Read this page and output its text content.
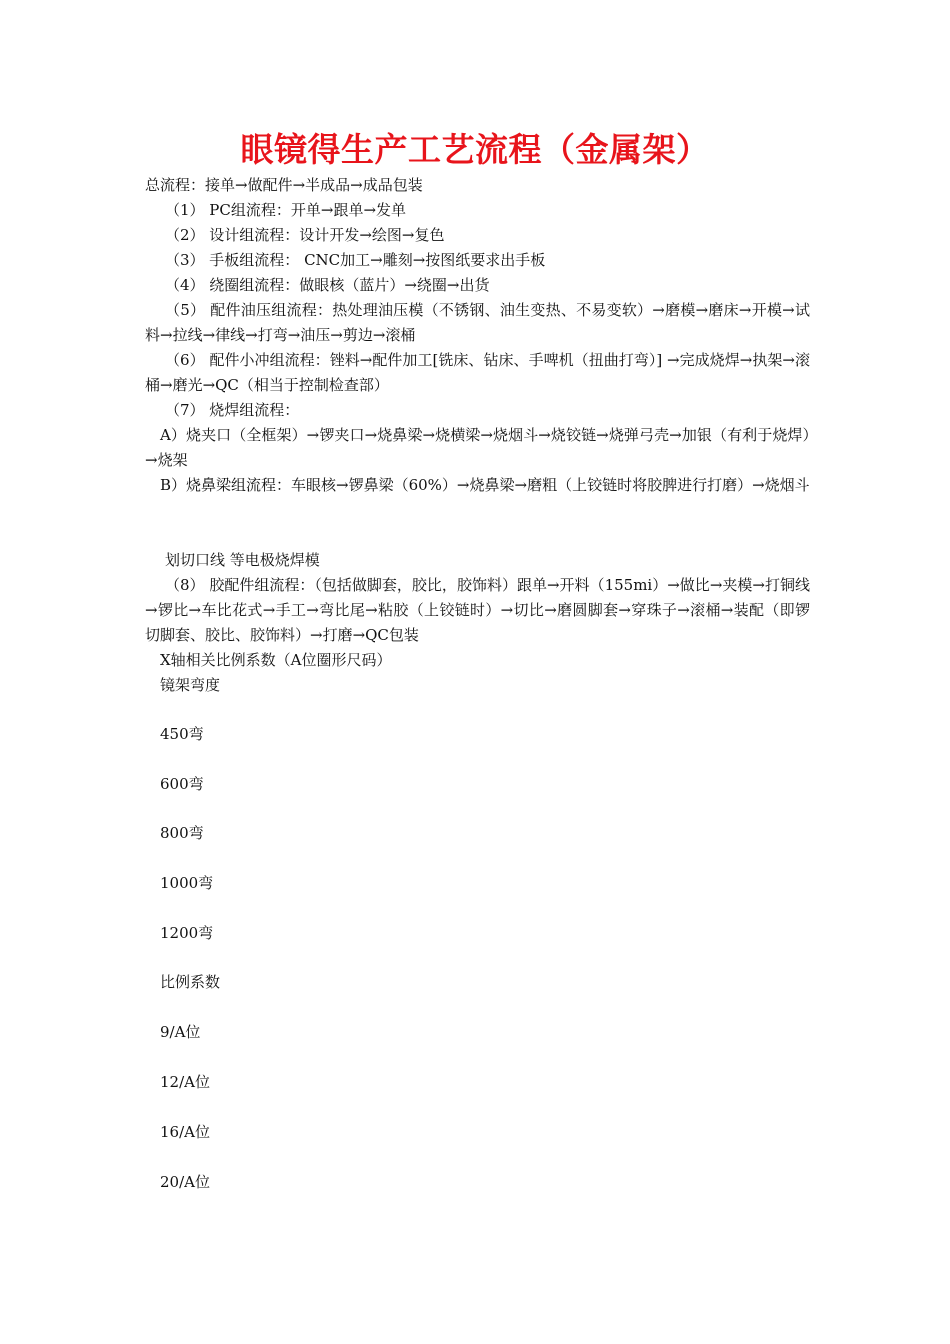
眼镜得生产工艺流程（金属架）
总流程：接单→做配件→半成品→成品包装
（1） PC组流程：开单→跟单→发单
（2） 设计组流程：设计开发→绘图→复色
（3） 手板组流程： CNC加工→雕刻→按图纸要求出手板
（4） 绕圈组流程：做眼核（蓝片）→绕圈→出货
（5） 配件油压组流程：热处理油压模（不锈钢、油生变热、不易变软）→磨模→磨床→开模→试料→拉线→律线→打弯→油压→剪边→滚桶
（6） 配件小冲组流程：锉料→配件加工[铣床、钻床、手啤机（扭曲打弯）] →完成烧焊→执架→滚桶→磨光→QC（相当于控制检查部）
（7） 烧焊组流程：
A）烧夹口（全框架）→锣夹口→烧鼻梁→烧横梁→烧烟斗→烧铰链→烧弹弓壳→加银（有利于烧焊）→烧架
B）烧鼻梁组流程：车眼核→锣鼻梁（60%）→烧鼻梁→磨粗（上铰链时将胶脾进行打磨）→烧烟斗
划切口线 等电极烧焊模
（8） 胶配件组流程：（包括做脚套，胶比，胶饰料）跟单→开料（155mi）→做比→夹模→打铜线→锣比→车比花式→手工→弯比尾→粘胶（上铰链时）→切比→磨圆脚套→穿珠子→滚桶→装配（即锣切脚套、胶比、胶饰料）→打磨→QC包装
X轴相关比例系数（A位圈形尺码）
镜架弯度
450弯
600弯
800弯
1000弯
1200弯
比例系数
9/A位
12/A位
16/A位
20/A位
